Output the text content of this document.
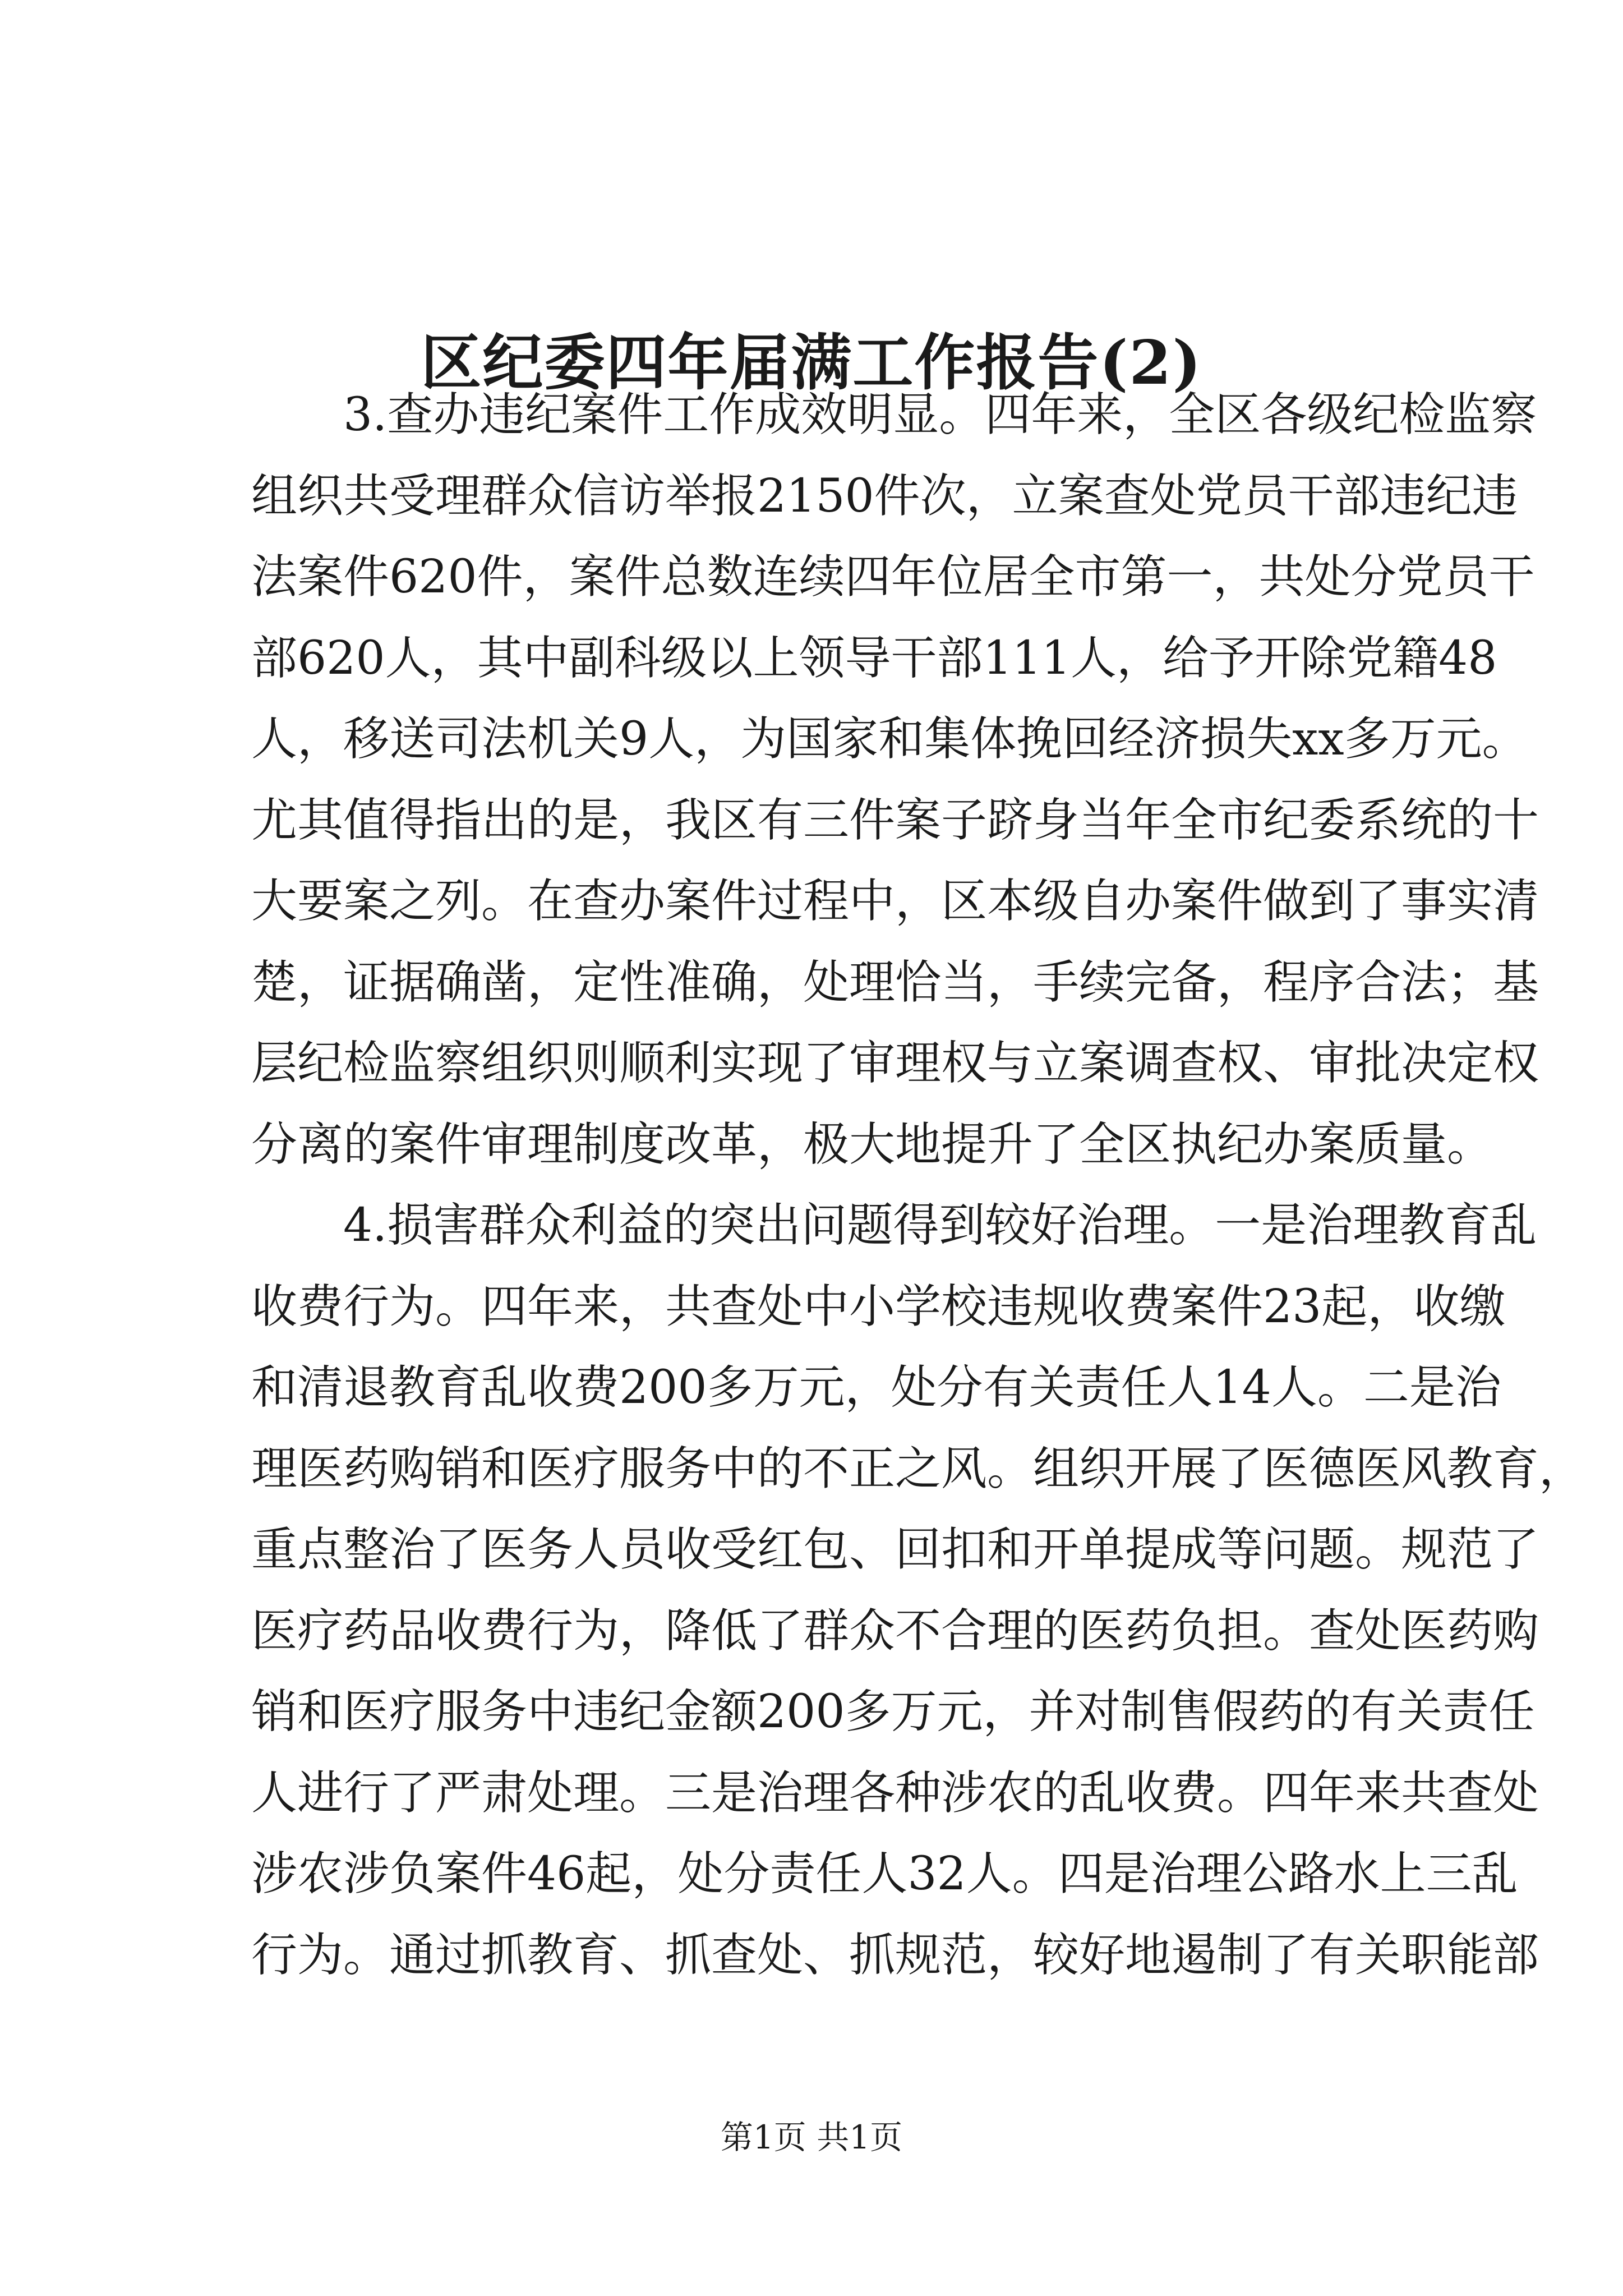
区纪委四年届满工作报告(2)

3.查办违纪案件工作成效明显。四年来，全区各级纪检监察

组织共受理群众信访举报2150件次，立案查处党员干部违纪违

法案件620件，案件总数连续四年位居全市第一，共处分党员干

部620人，其中副科级以上领导干部111人，给予开除党籍48

人，移送司法机关9人，为国家和集体挽回经济损失xx多万元。

尤其值得指出的是，我区有三件案子跻身当年全市纪委系统的十

大要案之列。在查办案件过程中，区本级自办案件做到了事实清

楚，证据确凿，定性准确，处理恰当，手续完备，程序合法；基

层纪检监察组织则顺利实现了审理权与立案调查权、审批决定权

分离的案件审理制度改革，极大地提升了全区执纪办案质量。

4.损害群众利益的突出问题得到较好治理。一是治理教育乱

收费行为。四年来，共查处中小学校违规收费案件23起，收缴

和清退教育乱收费200多万元，处分有关责任人14人。二是治

理医药购销和医疗服务中的不正之风。组织开展了医德医风教育，

重点整治了医务人员收受红包、回扣和开单提成等问题。规范了

医疗药品收费行为，降低了群众不合理的医药负担。查处医药购

销和医疗服务中违纪金额200多万元，并对制售假药的有关责任

人进行了严肃处理。三是治理各种涉农的乱收费。四年来共查处

涉农涉负案件46起，处分责任人32人。四是治理公路水上三乱

行为。通过抓教育、抓查处、抓规范，较好地遏制了有关职能部

第1页 共1页
